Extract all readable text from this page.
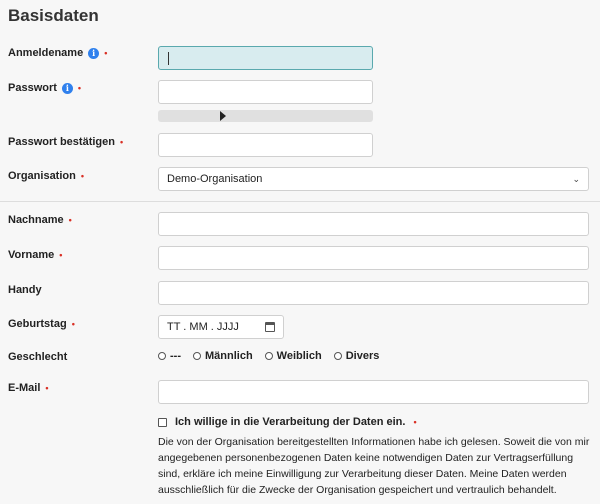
Basisdaten
Anmeldename	i •
Passwort	i •
Passwort bestätigen •
Organisation •	Demo-Organisation	⌄
Nachname •
Vorname •
Handy
Geburtstag •	TT . MM . JJJJ
Geschlecht	--- Männlich Weiblich Divers
E-Mail •
Ich willige in die Verarbeitung der Daten ein. •
Die von der Organisation bereitgestellten Informationen habe ich gelesen. Soweit die von mir angegebenen personenbezogenen Daten keine notwendigen Daten zur Vertragserfüllung sind, erkläre ich meine Einwilligung zur Verarbeitung dieser Daten. Meine Daten werden ausschließlich für die Zwecke der Organisation gespeichert und vertraulich behandelt.
